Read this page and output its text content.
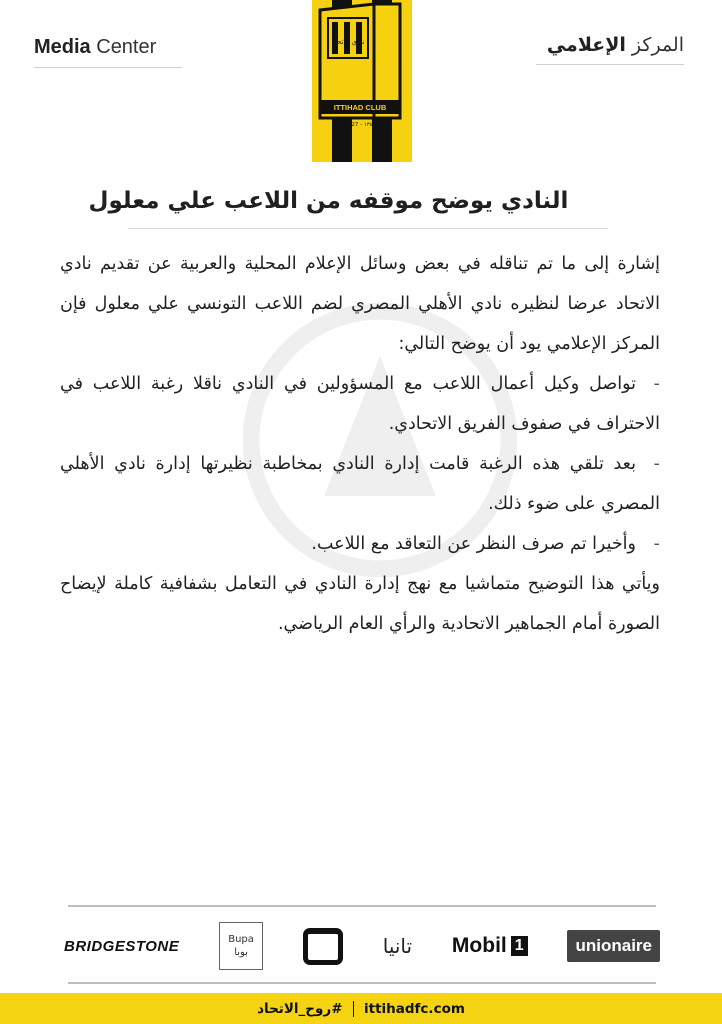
Media Center	المركز الإعلامي
نادي الاتحاد
ITTIHAD CLUB
1927 - ١٣٤٦
النادي يوضح موقفه من اللاعب علي معلول

إشارة إلى ما تم تناقله في بعض وسائل الإعلام المحلية والعربية عن تقديم نادي الاتحاد عرضا لنظيره نادي الأهلي المصري لضم اللاعب التونسي علي معلول فإن المركز الإعلامي يود أن يوضح التالي:

-تواصل وكيل أعمال اللاعب مع المسؤولين في النادي ناقلا رغبة اللاعب في الاحتراف في صفوف الفريق الاتحادي.

-بعد تلقي هذه الرغبة قامت إدارة النادي بمخاطبة نظيرتها إدارة نادي الأهلي المصري على ضوء ذلك.

-وأخيرا تم صرف النظر عن التعاقد مع اللاعب.

ويأتي هذا التوضيح متماشيا مع نهج إدارة النادي في التعامل بشفافية كاملة لإيضاح الصورة أمام الجماهير الاتحادية والرأي العام الرياضي.

BRIDGESTONE	Bupa
بوبا	تانيا Mobil 1	unionaire
#روح_الاتحاد ittihadfc.com
